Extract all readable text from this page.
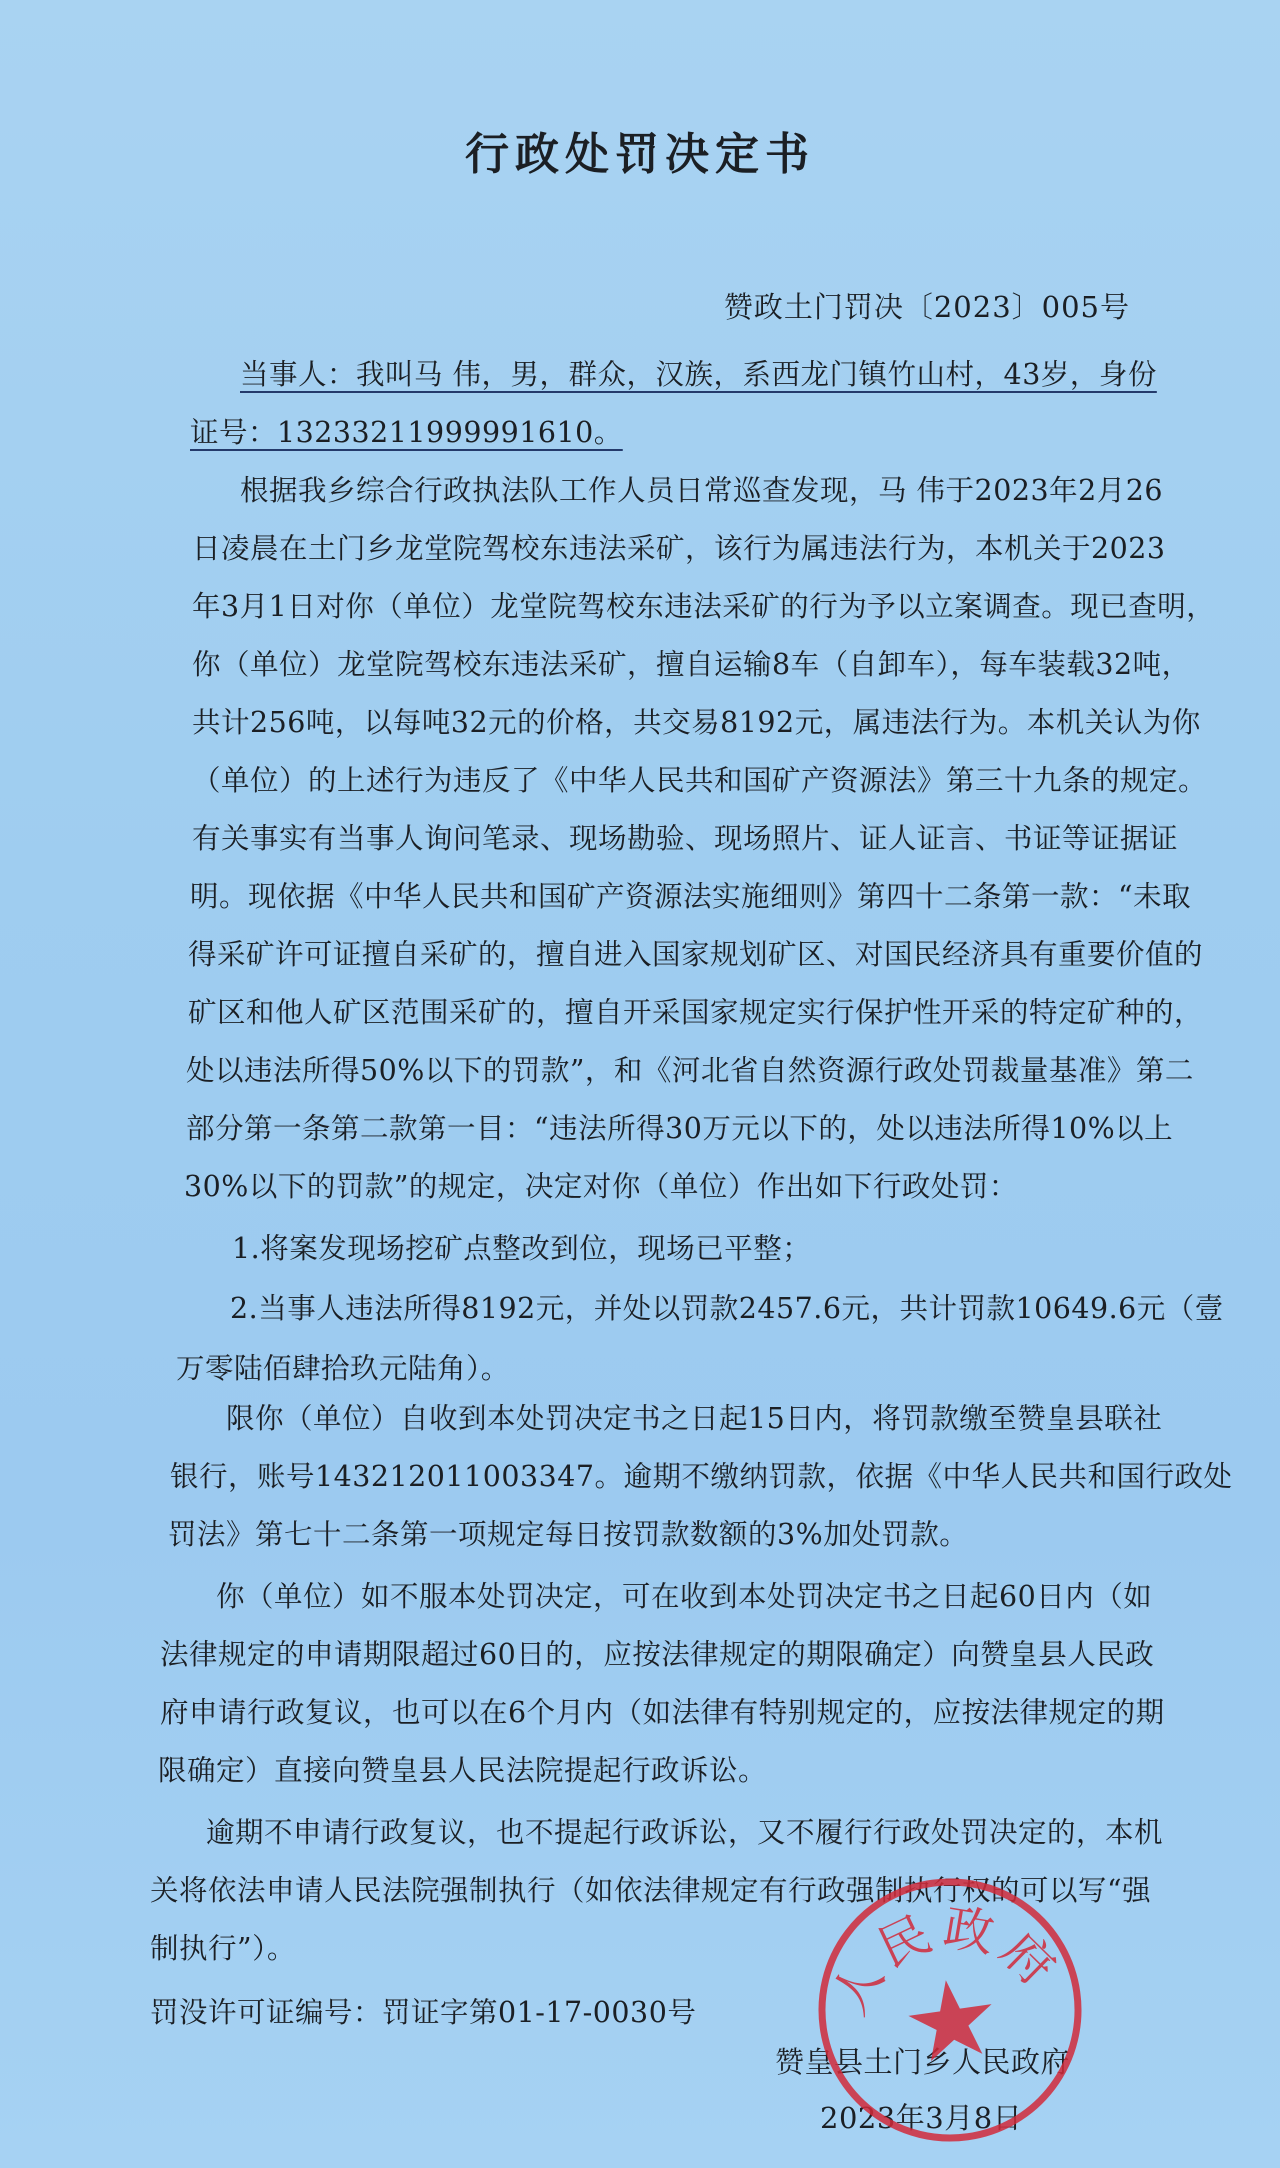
行政处罚决定书
赞政土门罚决〔2023〕005号
当事人：我叫马 伟，男，群众，汉族，系西龙门镇竹山村，43岁，身份
证号：13233211999991610。
根据我乡综合行政执法队工作人员日常巡查发现，马 伟于2023年2月26
日凌晨在土门乡龙堂院驾校东违法采矿，该行为属违法行为，本机关于2023
年3月1日对你（单位）龙堂院驾校东违法采矿的行为予以立案调查。现已查明，
你（单位）龙堂院驾校东违法采矿，擅自运输8车（自卸车），每车装载32吨，
共计256吨，以每吨32元的价格，共交易8192元，属违法行为。本机关认为你
（单位）的上述行为违反了《中华人民共和国矿产资源法》第三十九条的规定。
有关事实有当事人询问笔录、现场勘验、现场照片、证人证言、书证等证据证
明。现依据《中华人民共和国矿产资源法实施细则》第四十二条第一款：“未取
得采矿许可证擅自采矿的，擅自进入国家规划矿区、对国民经济具有重要价值的
矿区和他人矿区范围采矿的，擅自开采国家规定实行保护性开采的特定矿种的，
处以违法所得50%以下的罚款”，和《河北省自然资源行政处罚裁量基准》第二
部分第一条第二款第一目：“违法所得30万元以下的，处以违法所得10%以上
30%以下的罚款”的规定，决定对你（单位）作出如下行政处罚：
1.将案发现场挖矿点整改到位，现场已平整；
2.当事人违法所得8192元，并处以罚款2457.6元，共计罚款10649.6元（壹
万零陆佰肆拾玖元陆角）。
限你（单位）自收到本处罚决定书之日起15日内，将罚款缴至赞皇县联社
银行，账号143212011003347。逾期不缴纳罚款，依据《中华人民共和国行政处
罚法》第七十二条第一项规定每日按罚款数额的3%加处罚款。
你（单位）如不服本处罚决定，可在收到本处罚决定书之日起60日内（如
法律规定的申请期限超过60日的，应按法律规定的期限确定）向赞皇县人民政
府申请行政复议，也可以在6个月内（如法律有特别规定的，应按法律规定的期
限确定）直接向赞皇县人民法院提起行政诉讼。
逾期不申请行政复议，也不提起行政诉讼，又不履行行政处罚决定的，本机
关将依法申请人民法院强制执行（如依法律规定有行政强制执行权的可以写“强
制执行”）。
罚没许可证编号：罚证字第01-17-0030号
赞皇县土门乡人民政府
2023年3月8日
人民政府
